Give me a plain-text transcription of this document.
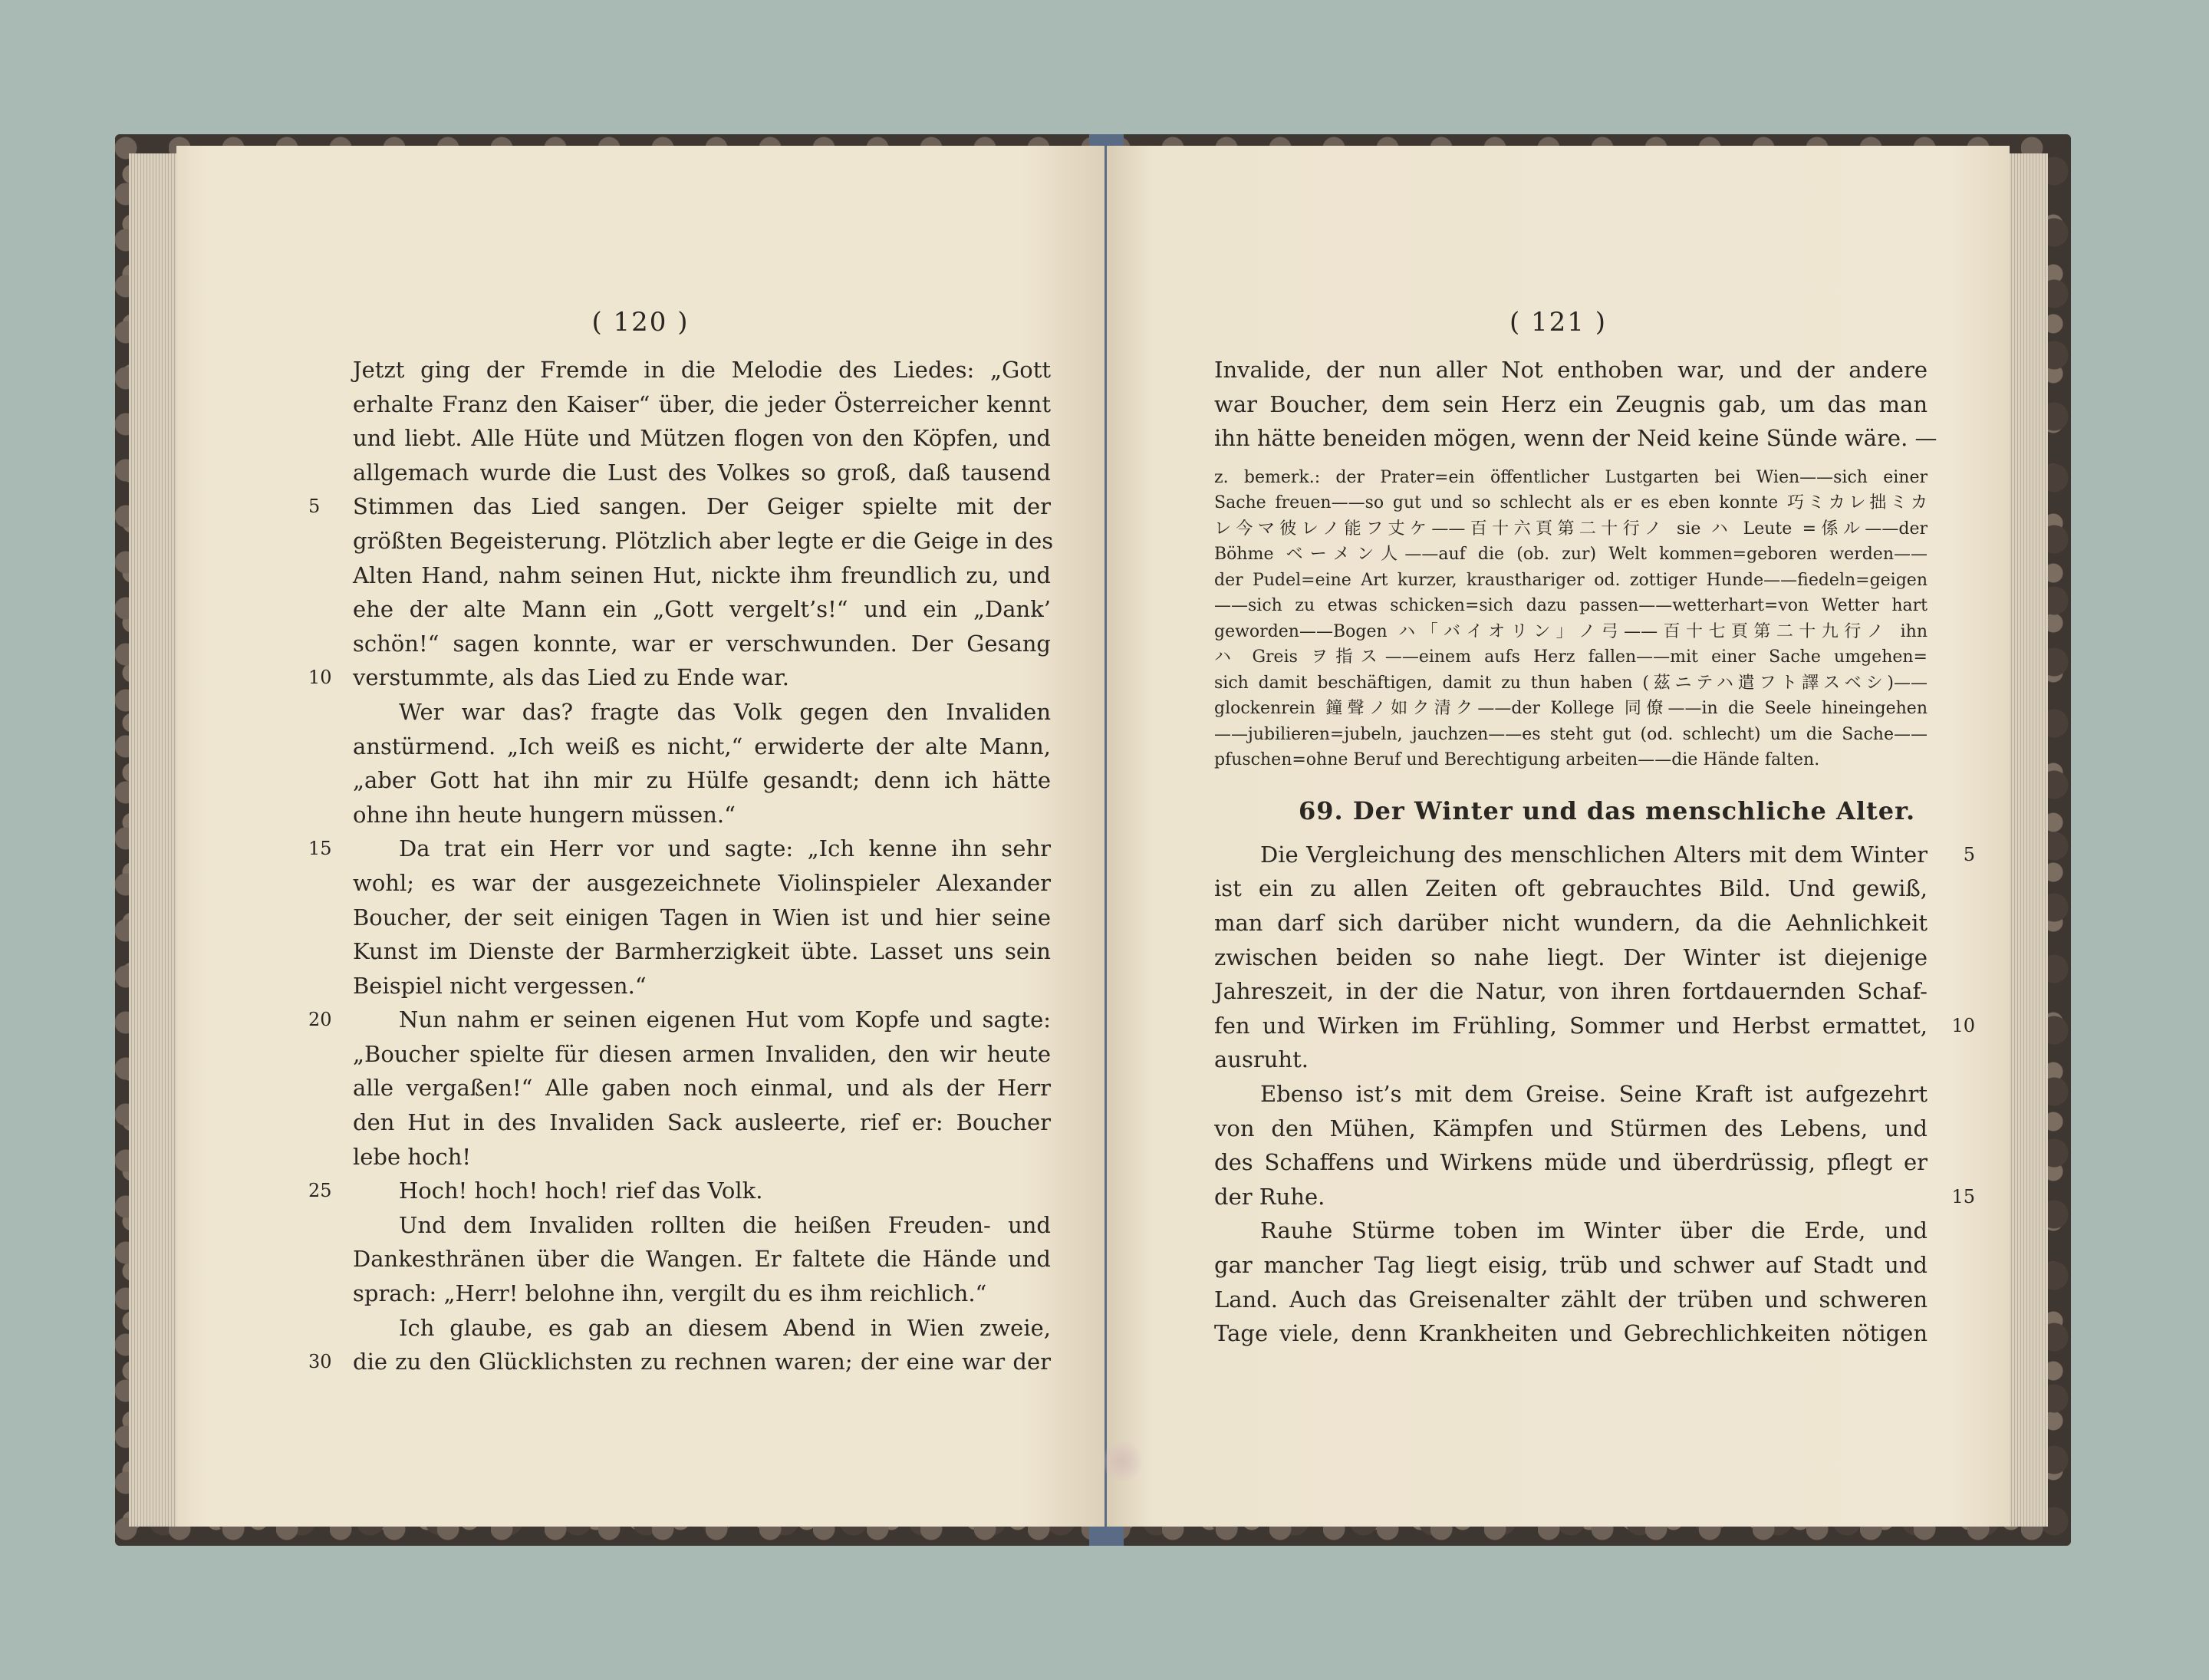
( 120 )
Jetzt ging der Fremde in die Melodie des Liedes: „Gott
erhalte Franz den Kaiser“ über, die jeder Österreicher kennt
und liebt. Alle Hüte und Mützen flogen von den Köpfen, und
allgemach wurde die Lust des Volkes so groß, daß tausend
Stimmen das Lied sangen. Der Geiger spielte mit der
5
größten Begeisterung. Plötzlich aber legte er die Geige in des
Alten Hand, nahm seinen Hut, nickte ihm freundlich zu, und
ehe der alte Mann ein „Gott vergelt’s!“ und ein „Dank’
schön!“ sagen konnte, war er verschwunden. Der Gesang
verstummte, als das Lied zu Ende war.
10
Wer war das? fragte das Volk gegen den Invaliden
anstürmend. „Ich weiß es nicht,“ erwiderte der alte Mann,
„aber Gott hat ihn mir zu Hülfe gesandt; denn ich hätte
ohne ihn heute hungern müssen.“
Da trat ein Herr vor und sagte: „Ich kenne ihn sehr
15
wohl; es war der ausgezeichnete Violinspieler Alexander
Boucher, der seit einigen Tagen in Wien ist und hier seine
Kunst im Dienste der Barmherzigkeit übte. Lasset uns sein
Beispiel nicht vergessen.“
Nun nahm er seinen eigenen Hut vom Kopfe und sagte:
20
„Boucher spielte für diesen armen Invaliden, den wir heute
alle vergaßen!“ Alle gaben noch einmal, und als der Herr
den Hut in des Invaliden Sack ausleerte, rief er: Boucher
lebe hoch!
Hoch! hoch! hoch! rief das Volk.
25
Und dem Invaliden rollten die heißen Freuden- und
Dankesthränen über die Wangen. Er faltete die Hände und
sprach: „Herr! belohne ihn, vergilt du es ihm reichlich.“
Ich glaube, es gab an diesem Abend in Wien zweie,
die zu den Glücklichsten zu rechnen waren; der eine war der
30
( 121 )
Invalide, der nun aller Not enthoben war, und der andere
war Boucher, dem sein Herz ein Zeugnis gab, um das man
ihn hätte beneiden mögen, wenn der Neid keine Sünde wäre. —
z. bemerk.: der Prater=ein öffentlicher Lustgarten bei Wien——sich einer
Sache freuen——so gut und so schlecht als er es eben konnte 巧ミカレ拙ミカ
レ今マ彼レノ能フ丈ケ——百十六頁第二十行ノ sie ハ Leute =係ル——der
Böhme ベーメン人——auf die (ob. zur) Welt kommen=geboren werden——
der Pudel=eine Art kurzer, krausthariger od. zottiger Hunde——fiedeln=geigen
——sich zu etwas schicken=sich dazu passen——wetterhart=von Wetter hart
geworden——Bogen ハ「バイオリン」ノ弓——百十七頁第二十九行ノ ihn
ハ Greis ヲ指ス——einem aufs Herz fallen——mit einer Sache umgehen=
sich damit beschäftigen, damit zu thun haben (茲ニテハ遣フト譯スベシ)——
glockenrein 鐘聲ノ如ク清ク——der Kollege 同僚——in die Seele hineingehen
——jubilieren=jubeln, jauchzen——es steht gut (od. schlecht) um die Sache——
pfuschen=ohne Beruf und Berechtigung arbeiten——die Hände falten.
69. Der Winter und das menschliche Alter.
Die Vergleichung des menschlichen Alters mit dem Winter 5
ist ein zu allen Zeiten oft gebrauchtes Bild. Und gewiß,
man darf sich darüber nicht wundern, da die Aehnlichkeit
zwischen beiden so nahe liegt. Der Winter ist diejenige
Jahreszeit, in der die Natur, von ihren fortdauernden Schaf-
fen und Wirken im Frühling, Sommer und Herbst ermattet, 10
ausruht.
Ebenso ist’s mit dem Greise. Seine Kraft ist aufgezehrt
von den Mühen, Kämpfen und Stürmen des Lebens, und
des Schaffens und Wirkens müde und überdrüssig, pflegt er
der Ruhe.	15
Rauhe Stürme toben im Winter über die Erde, und
gar mancher Tag liegt eisig, trüb und schwer auf Stadt und
Land. Auch das Greisenalter zählt der trüben und schweren
Tage viele, denn Krankheiten und Gebrechlichkeiten nötigen
